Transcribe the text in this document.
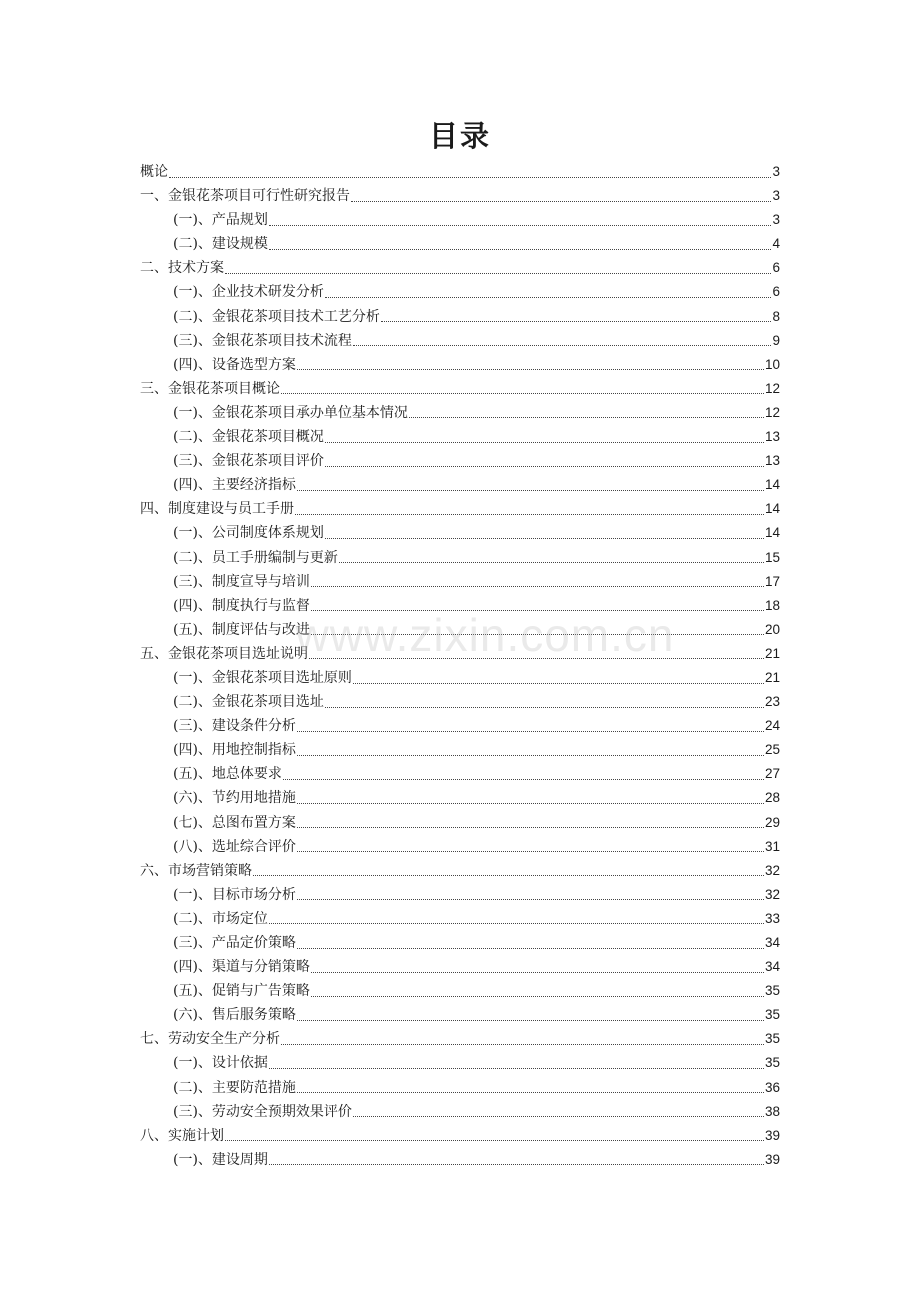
目录
概论	3
一、金银花茶项目可行性研究报告	3
(一)、产品规划	3
(二)、建设规模	4
二、技术方案	6
(一)、企业技术研发分析	6
(二)、金银花茶项目技术工艺分析	8
(三)、金银花茶项目技术流程	9
(四)、设备选型方案	10
三、金银花茶项目概论	12
(一)、金银花茶项目承办单位基本情况	12
(二)、金银花茶项目概况	13
(三)、金银花茶项目评价	13
(四)、主要经济指标	14
四、制度建设与员工手册	14
(一)、公司制度体系规划	14
(二)、员工手册编制与更新	15
(三)、制度宣导与培训	17
(四)、制度执行与监督	18
(五)、制度评估与改进	20
五、金银花茶项目选址说明	21
(一)、金银花茶项目选址原则	21
(二)、金银花茶项目选址	23
(三)、建设条件分析	24
(四)、用地控制指标	25
(五)、地总体要求	27
(六)、节约用地措施	28
(七)、总图布置方案	29
(八)、选址综合评价	31
六、市场营销策略	32
(一)、目标市场分析	32
(二)、市场定位	33
(三)、产品定价策略	34
(四)、渠道与分销策略	34
(五)、促销与广告策略	35
(六)、售后服务策略	35
七、劳动安全生产分析	35
(一)、设计依据	35
(二)、主要防范措施	36
(三)、劳动安全预期效果评价	38
八、实施计划	39
(一)、建设周期	39
www.zixin.com.cn
